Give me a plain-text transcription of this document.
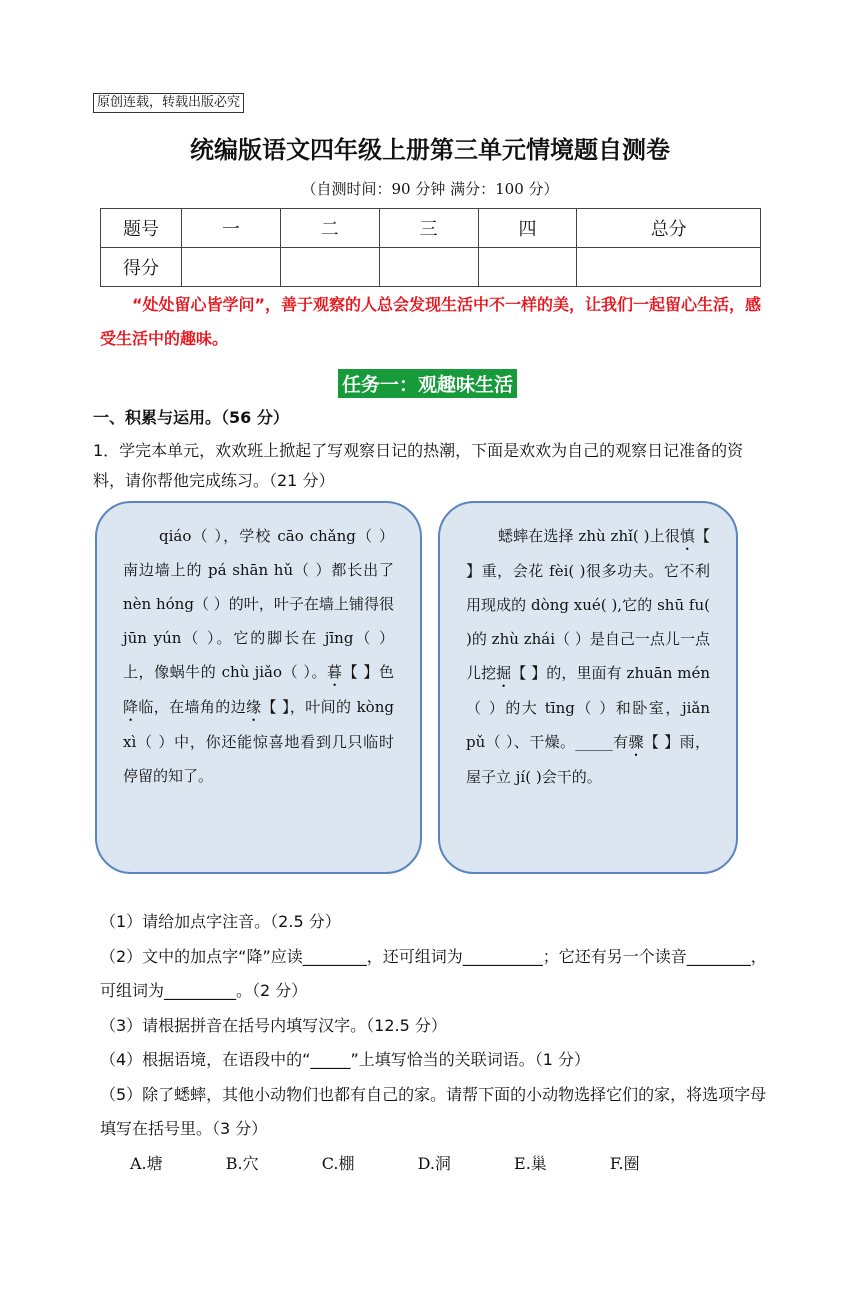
原创连载，转载出版必究
统编版语文四年级上册第三单元情境题自测卷
（自测时间：90 分钟 满分：100 分）
题号	一	二	三	四	总分
得分					
“处处留心皆学问”，善于观察的人总会发现生活中不一样的美，让我们一起留心生活，感受生活中的趣味。
任务一：观趣味生活
一、积累与运用。（56 分）
1．学完本单元，欢欢班上掀起了写观察日记的热潮，下面是欢欢为自己的观察日记准备的资料，请你帮他完成练习。（21 分）

qiáo（ ），学校 cāo chǎng（ ）南边墙上的 pá shān hǔ（ ）都长出了 nèn hóng（ ）的叶，叶子在墙上铺得很 jūn yún（ ）。它的脚长在 jīng（ ）上，像蜗牛的 chù jiǎo（ ）。暮【 】色降临，在墙角的边缘【 】，叶间的 kòng xì（ ）中，你还能惊喜地看到几只临时停留的知了。

蟋蟀在选择 zhù zhǐ( )上很慎【 】重，会花 fèi( )很多功夫。它不利用现成的 dòng xué( ),它的 shū fu( )的 zhù zhái（ ）是自己一点儿一点儿挖掘【 】的，里面有 zhuān mén（ ）的大 tīng（ ）和卧室，jiǎn pǔ（ ）、干燥。_____有骤【 】雨，屋子立 jí( )会干的。

（1）请给加点字注音。（2.5 分）
（2）文中的加点字“降”应读________，还可组词为__________；它还有另一个读音________，可组词为_________。（2 分）
（3）请根据拼音在括号内填写汉字。（12.5 分）
（4）根据语境，在语段中的“_____”上填写恰当的关联词语。（1 分）
（5）除了蟋蟀，其他小动物们也都有自己的家。请帮下面的小动物选择它们的家，将选项字母填写在括号里。（3 分）
A.塘	B.穴	C.棚	D.洞	E.巢	F.圈
